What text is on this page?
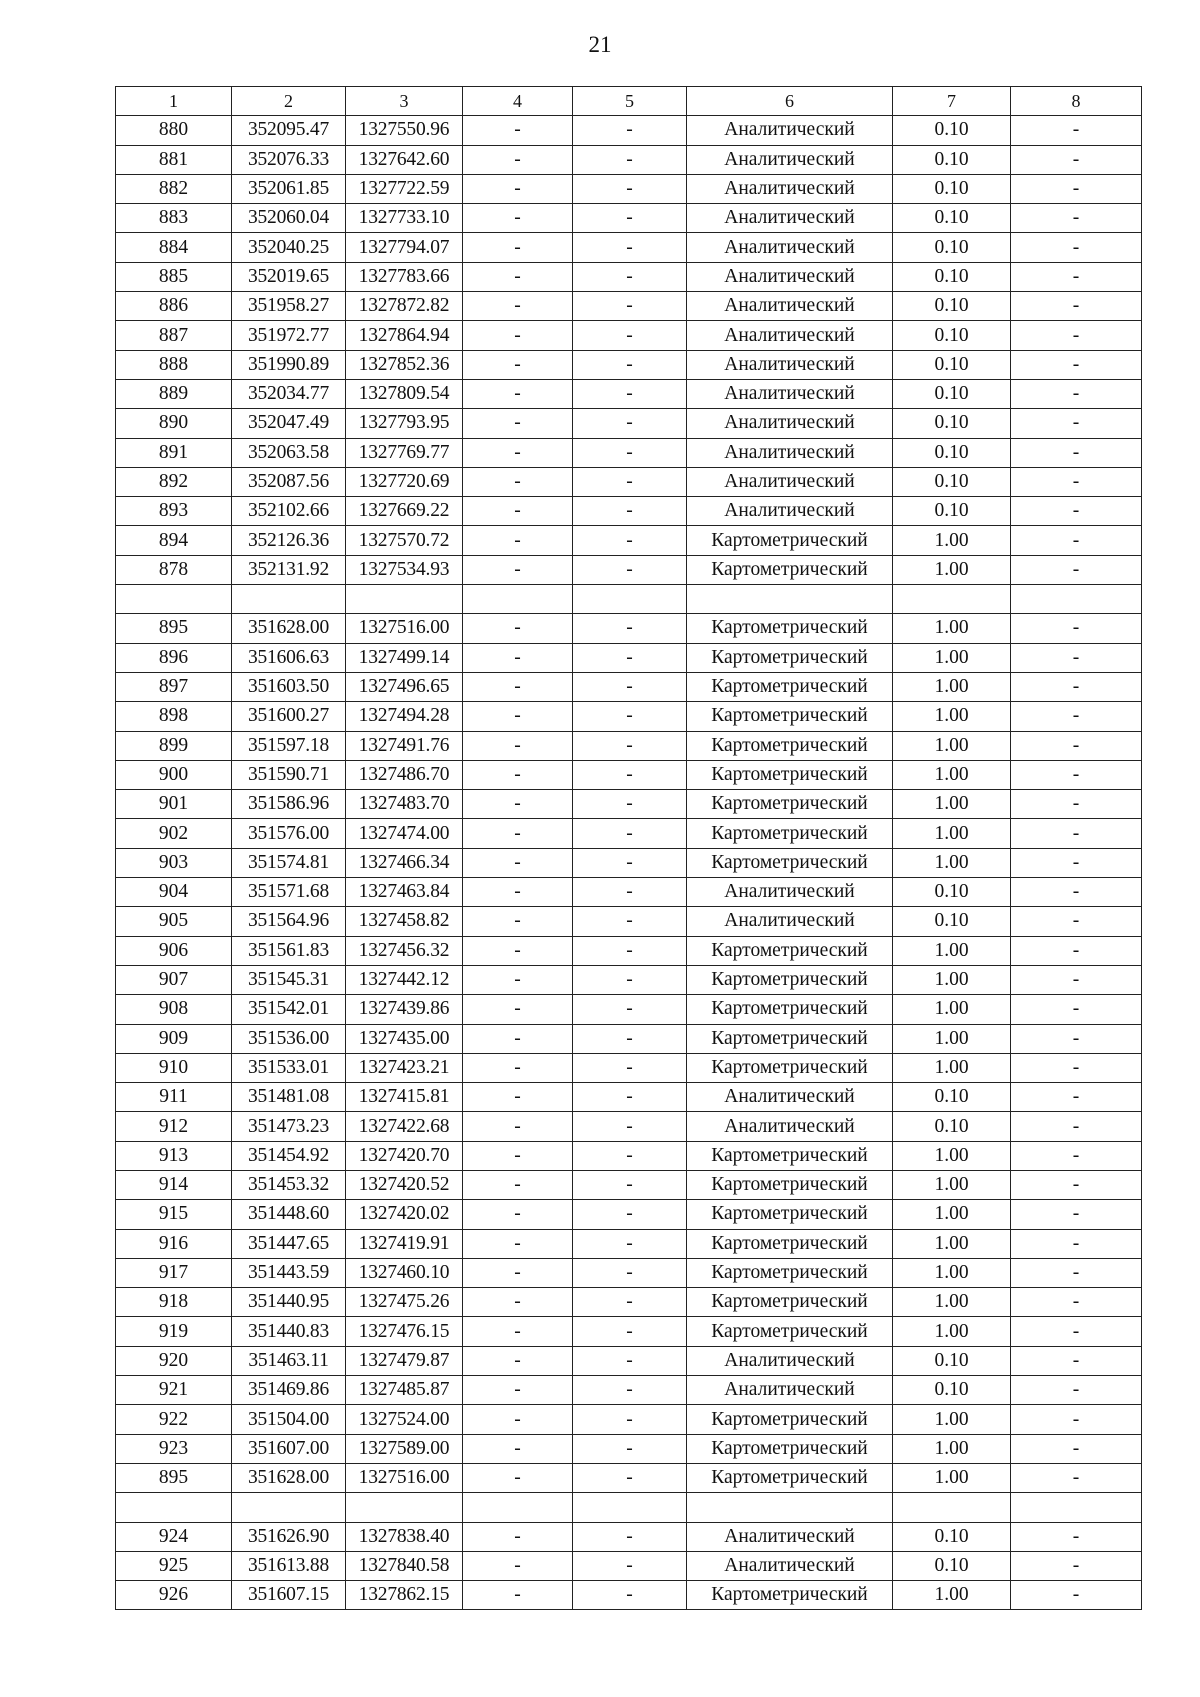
21
1	2	3	4	5	6	7	8
880	352095.47	1327550.96	-	-	Аналитический	0.10	-
881	352076.33	1327642.60	-	-	Аналитический	0.10	-
882	352061.85	1327722.59	-	-	Аналитический	0.10	-
883	352060.04	1327733.10	-	-	Аналитический	0.10	-
884	352040.25	1327794.07	-	-	Аналитический	0.10	-
885	352019.65	1327783.66	-	-	Аналитический	0.10	-
886	351958.27	1327872.82	-	-	Аналитический	0.10	-
887	351972.77	1327864.94	-	-	Аналитический	0.10	-
888	351990.89	1327852.36	-	-	Аналитический	0.10	-
889	352034.77	1327809.54	-	-	Аналитический	0.10	-
890	352047.49	1327793.95	-	-	Аналитический	0.10	-
891	352063.58	1327769.77	-	-	Аналитический	0.10	-
892	352087.56	1327720.69	-	-	Аналитический	0.10	-
893	352102.66	1327669.22	-	-	Аналитический	0.10	-
894	352126.36	1327570.72	-	-	Картометрический	1.00	-
878	352131.92	1327534.93	-	-	Картометрический	1.00	-

895	351628.00	1327516.00	-	-	Картометрический	1.00	-
896	351606.63	1327499.14	-	-	Картометрический	1.00	-
897	351603.50	1327496.65	-	-	Картометрический	1.00	-
898	351600.27	1327494.28	-	-	Картометрический	1.00	-
899	351597.18	1327491.76	-	-	Картометрический	1.00	-
900	351590.71	1327486.70	-	-	Картометрический	1.00	-
901	351586.96	1327483.70	-	-	Картометрический	1.00	-
902	351576.00	1327474.00	-	-	Картометрический	1.00	-
903	351574.81	1327466.34	-	-	Картометрический	1.00	-
904	351571.68	1327463.84	-	-	Аналитический	0.10	-
905	351564.96	1327458.82	-	-	Аналитический	0.10	-
906	351561.83	1327456.32	-	-	Картометрический	1.00	-
907	351545.31	1327442.12	-	-	Картометрический	1.00	-
908	351542.01	1327439.86	-	-	Картометрический	1.00	-
909	351536.00	1327435.00	-	-	Картометрический	1.00	-
910	351533.01	1327423.21	-	-	Картометрический	1.00	-
911	351481.08	1327415.81	-	-	Аналитический	0.10	-
912	351473.23	1327422.68	-	-	Аналитический	0.10	-
913	351454.92	1327420.70	-	-	Картометрический	1.00	-
914	351453.32	1327420.52	-	-	Картометрический	1.00	-
915	351448.60	1327420.02	-	-	Картометрический	1.00	-
916	351447.65	1327419.91	-	-	Картометрический	1.00	-
917	351443.59	1327460.10	-	-	Картометрический	1.00	-
918	351440.95	1327475.26	-	-	Картометрический	1.00	-
919	351440.83	1327476.15	-	-	Картометрический	1.00	-
920	351463.11	1327479.87	-	-	Аналитический	0.10	-
921	351469.86	1327485.87	-	-	Аналитический	0.10	-
922	351504.00	1327524.00	-	-	Картометрический	1.00	-
923	351607.00	1327589.00	-	-	Картометрический	1.00	-
895	351628.00	1327516.00	-	-	Картометрический	1.00	-

924	351626.90	1327838.40	-	-	Аналитический	0.10	-
925	351613.88	1327840.58	-	-	Аналитический	0.10	-
926	351607.15	1327862.15	-	-	Картометрический	1.00	-
